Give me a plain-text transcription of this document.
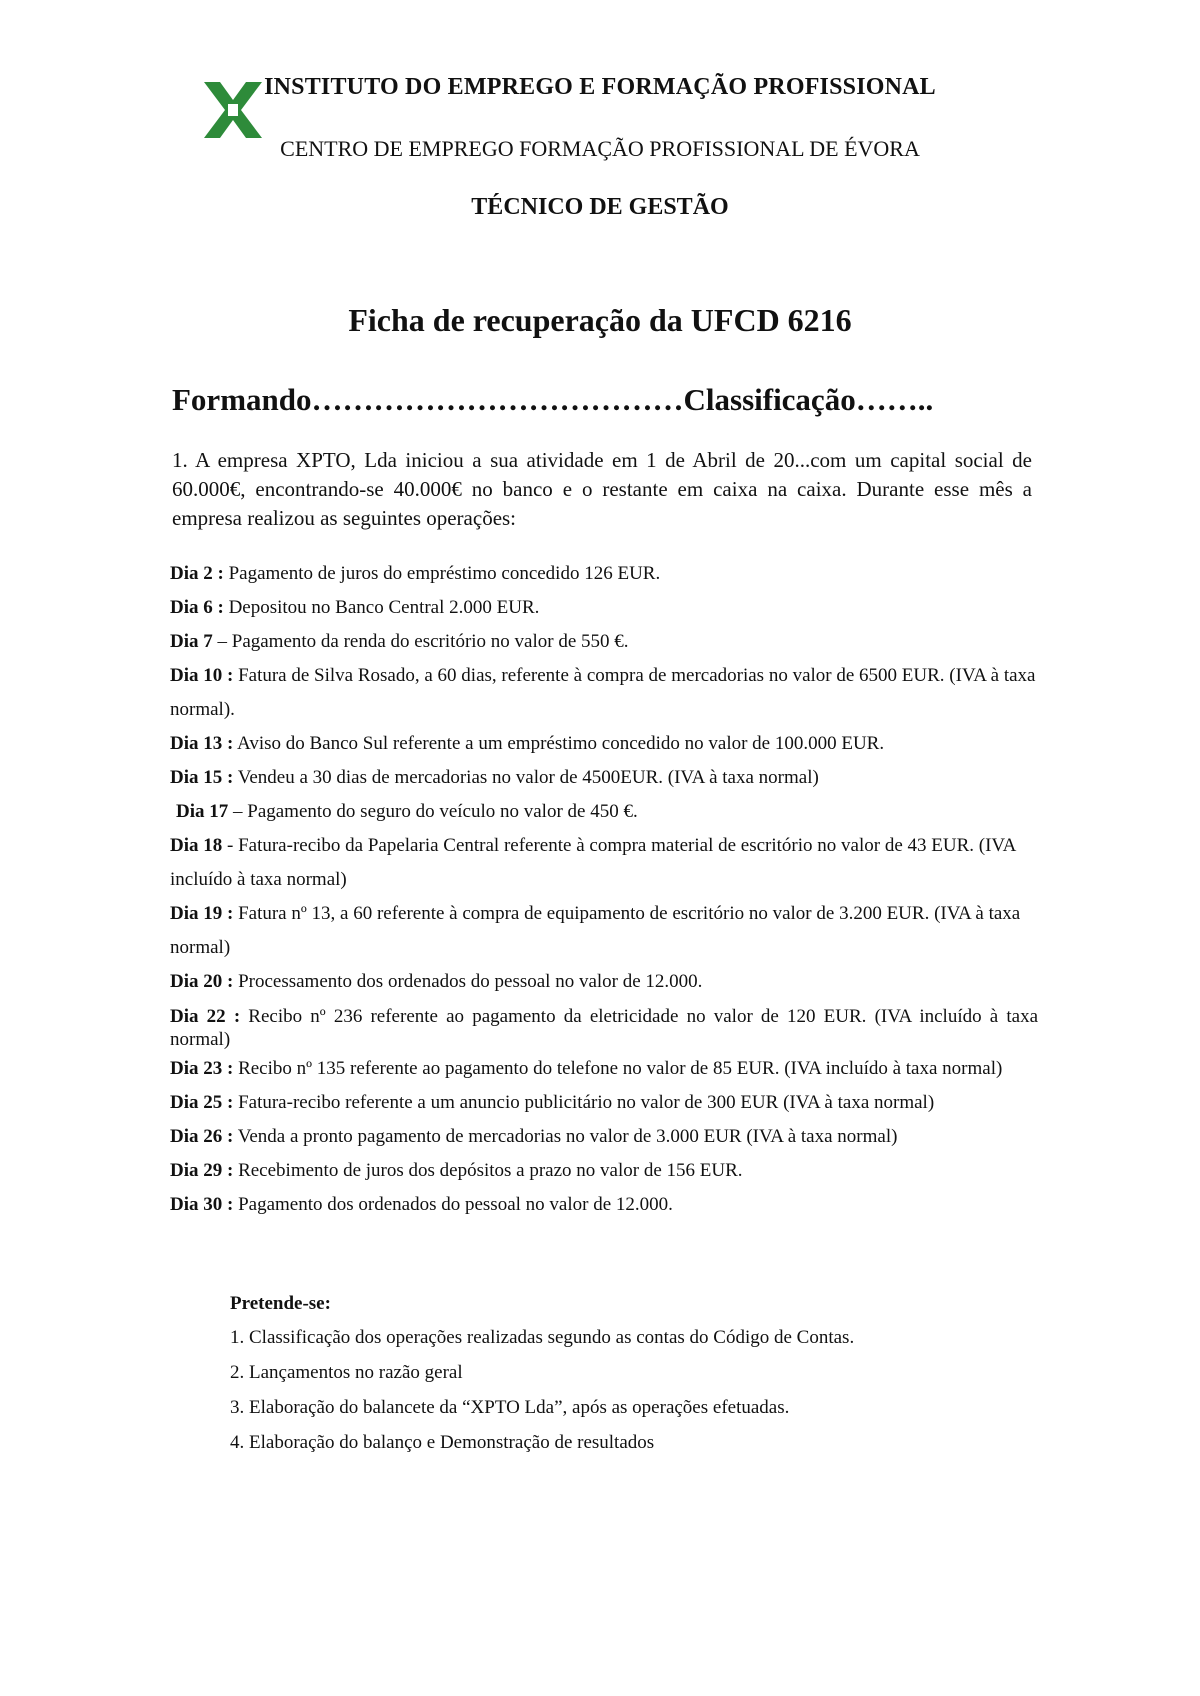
INSTITUTO DO EMPREGO E FORMAÇÃO PROFISSIONAL
CENTRO DE EMPREGO FORMAÇÃO PROFISSIONAL DE ÉVORA
TÉCNICO DE GESTÃO
Ficha de recuperação da UFCD 6216
Formando………………………………Classificação……..
1. A empresa XPTO, Lda iniciou a sua atividade em 1 de Abril de 20...com um capital social de 60.000€, encontrando-se 40.000€ no banco e o restante em caixa na caixa. Durante esse mês a empresa realizou as seguintes operações:

Dia 2 : Pagamento de juros do empréstimo concedido 126 EUR.

Dia 6 : Depositou no Banco Central 2.000 EUR.

Dia 7 – Pagamento da renda do escritório no valor de 550 €.

Dia 10 : Fatura de Silva Rosado, a 60 dias, referente à compra de mercadorias no valor de 6500 EUR. (IVA à taxa normal).

Dia 13 : Aviso do Banco Sul referente a um empréstimo concedido no valor de 100.000 EUR.

Dia 15 : Vendeu a 30 dias de mercadorias no valor de 4500EUR. (IVA à taxa normal)

Dia 17 – Pagamento do seguro do veículo no valor de 450 €.

Dia 18 - Fatura-recibo da Papelaria Central referente à compra material de escritório no valor de 43 EUR. (IVA incluído à taxa normal)

Dia 19 : Fatura nº 13, a 60 referente à compra de equipamento de escritório no valor de 3.200 EUR. (IVA à taxa normal)

Dia 20 : Processamento dos ordenados do pessoal no valor de 12.000.

Dia 22 : Recibo nº 236 referente ao pagamento da eletricidade no valor de 120 EUR. (IVA incluído à taxa normal)

Dia 23 : Recibo nº 135 referente ao pagamento do telefone no valor de 85 EUR. (IVA incluído à taxa normal)

Dia 25 : Fatura-recibo referente a um anuncio publicitário no valor de 300 EUR (IVA à taxa normal)

Dia 26 : Venda a pronto pagamento de mercadorias no valor de 3.000 EUR (IVA à taxa normal)

Dia 29 : Recebimento de juros dos depósitos a prazo no valor de 156 EUR.

Dia 30 : Pagamento dos ordenados do pessoal no valor de 12.000.

Pretende-se:

1. Classificação dos operações realizadas segundo as contas do Código de Contas.

2. Lançamentos no razão geral

3. Elaboração do balancete da “XPTO Lda”, após as operações efetuadas.

4. Elaboração do balanço e Demonstração de resultados
